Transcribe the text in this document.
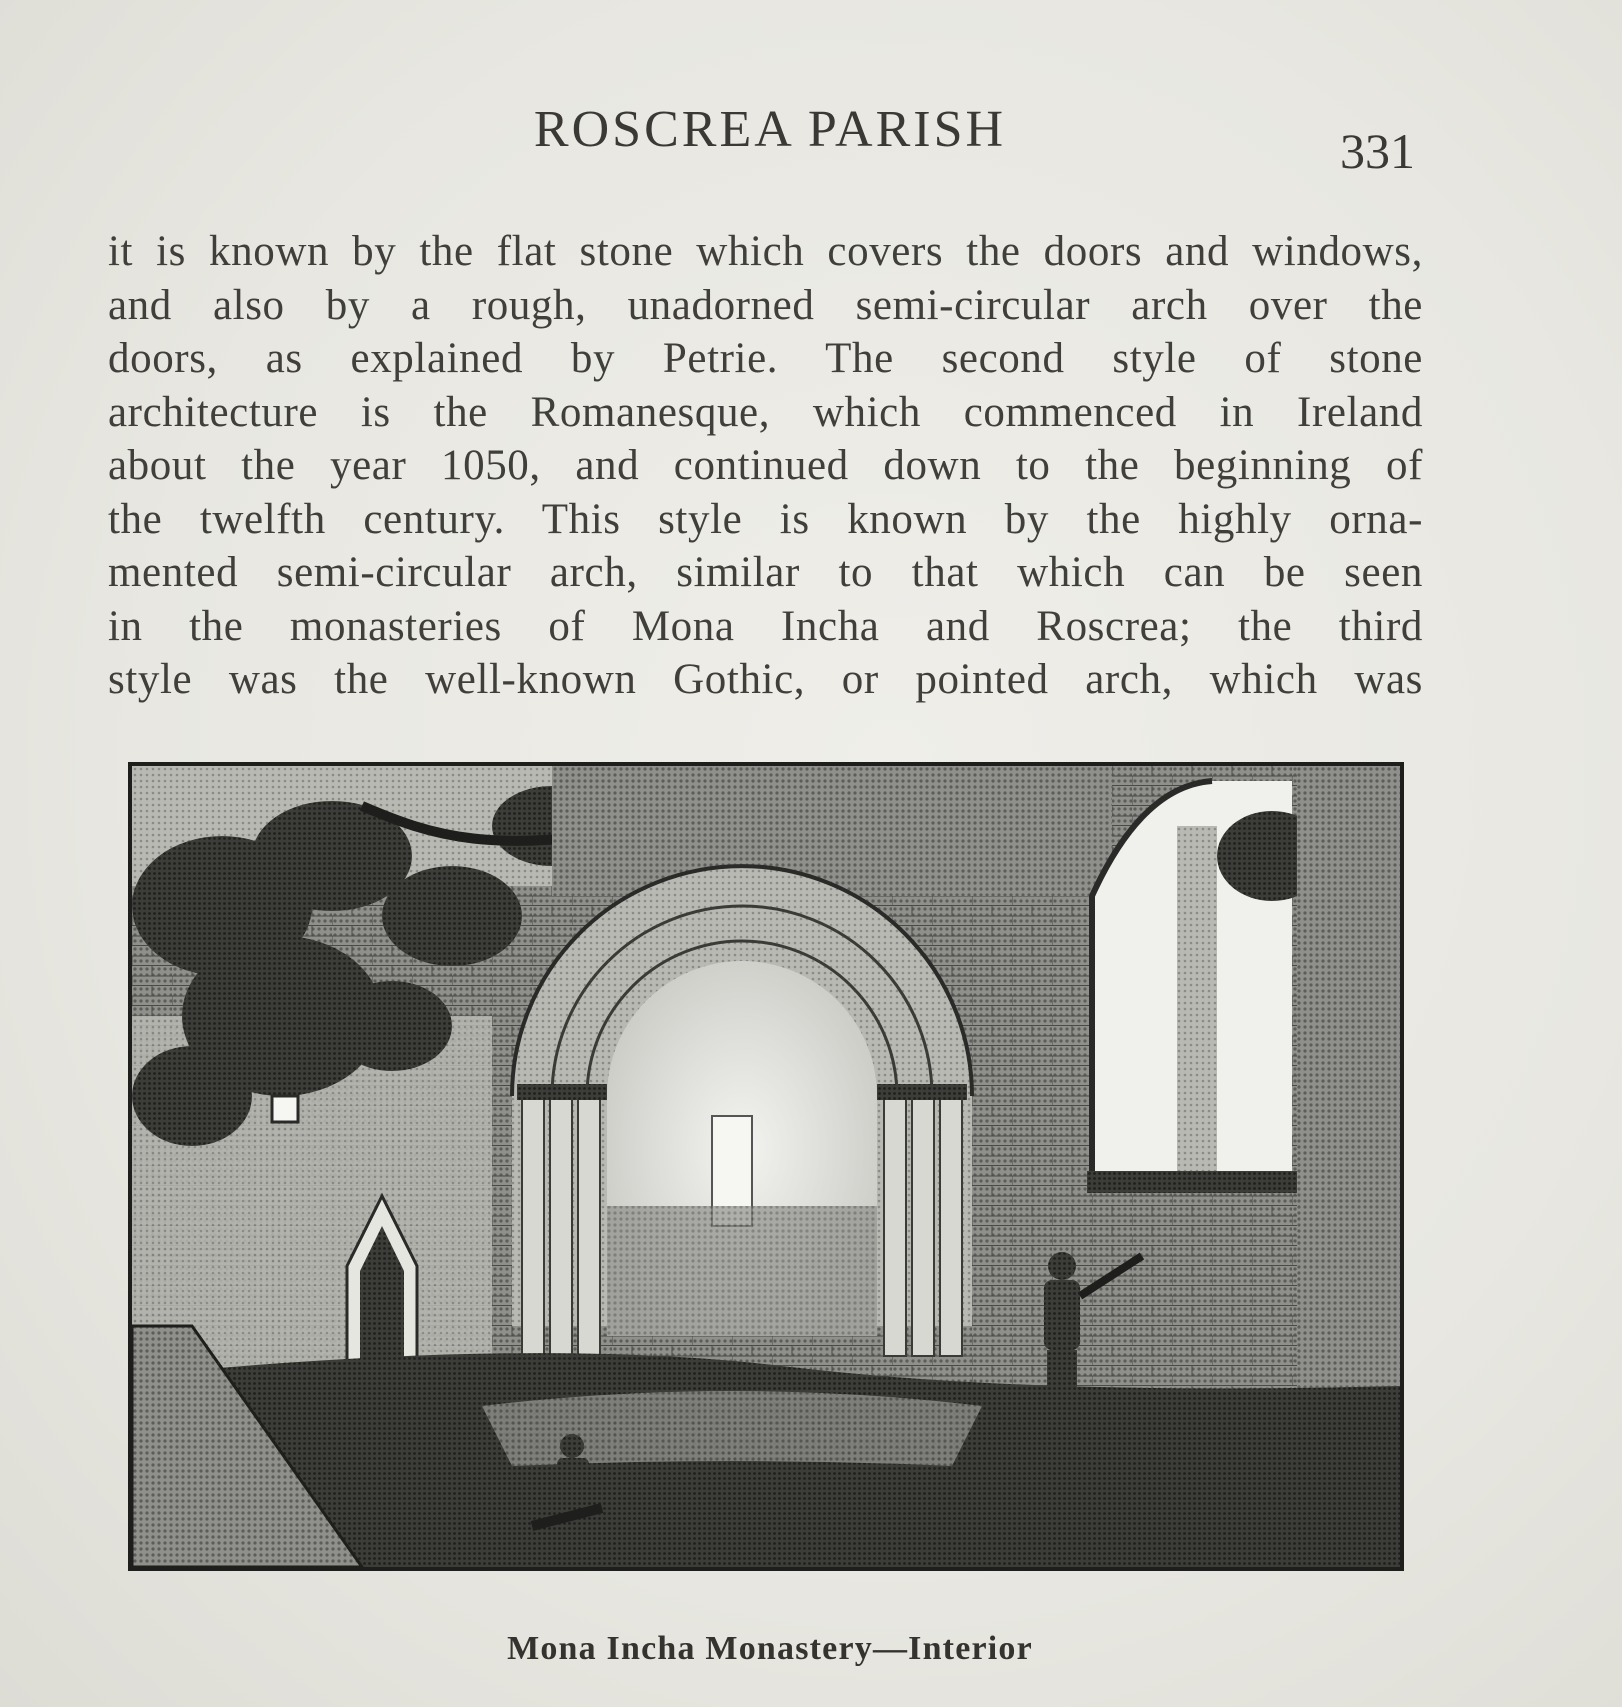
ROSCREA PARISH	331
it is known by the flat stone which covers the doors and windows,
and also by a rough, unadorned semi-circular arch over the
doors, as explained by Petrie. The second style of stone
architecture is the Romanesque, which commenced in Ireland
about the year 1050, and continued down to the beginning of
the twelfth century. This style is known by the highly orna-
mented semi-circular arch, similar to that which can be seen
in the monasteries of Mona Incha and Roscrea; the third
style was the well-known Gothic, or pointed arch, which was
Mona Incha Monastery—Interior
